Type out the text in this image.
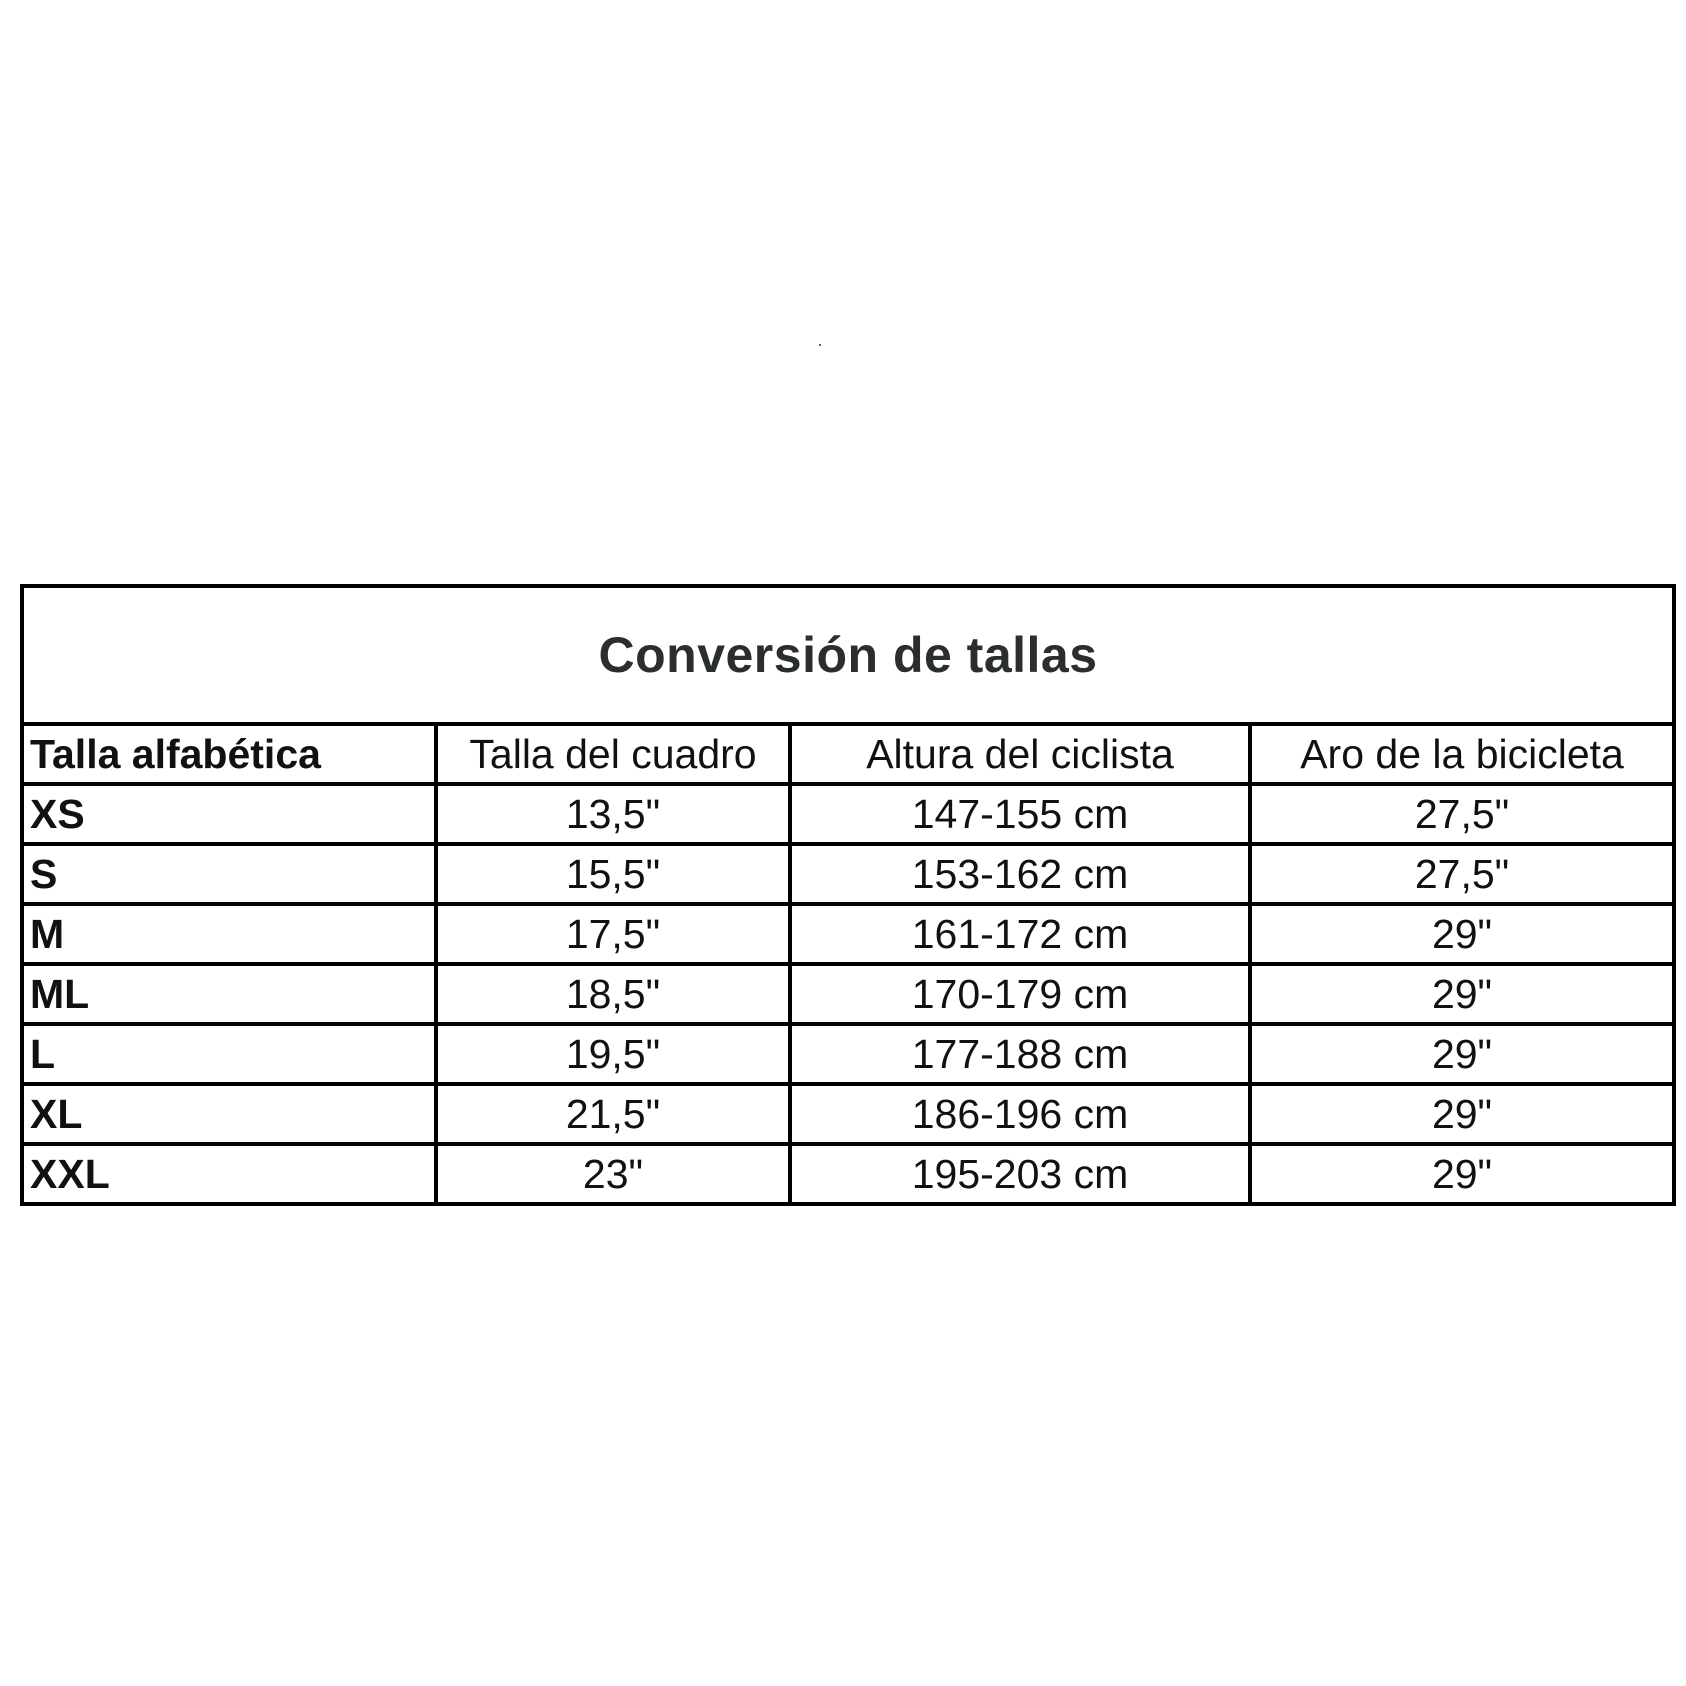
Conversión de tallas			
Talla alfabética	Talla del cuadro	Altura del ciclista	Aro de la bicicleta
XS	13,5"	147-155 cm	27,5"
S	15,5"	153-162 cm	27,5"
M	17,5"	161-172 cm	29"
ML	18,5"	170-179 cm	29"
L	19,5"	177-188 cm	29"
XL	21,5"	186-196 cm	29"
XXL	23"	195-203 cm	29"
